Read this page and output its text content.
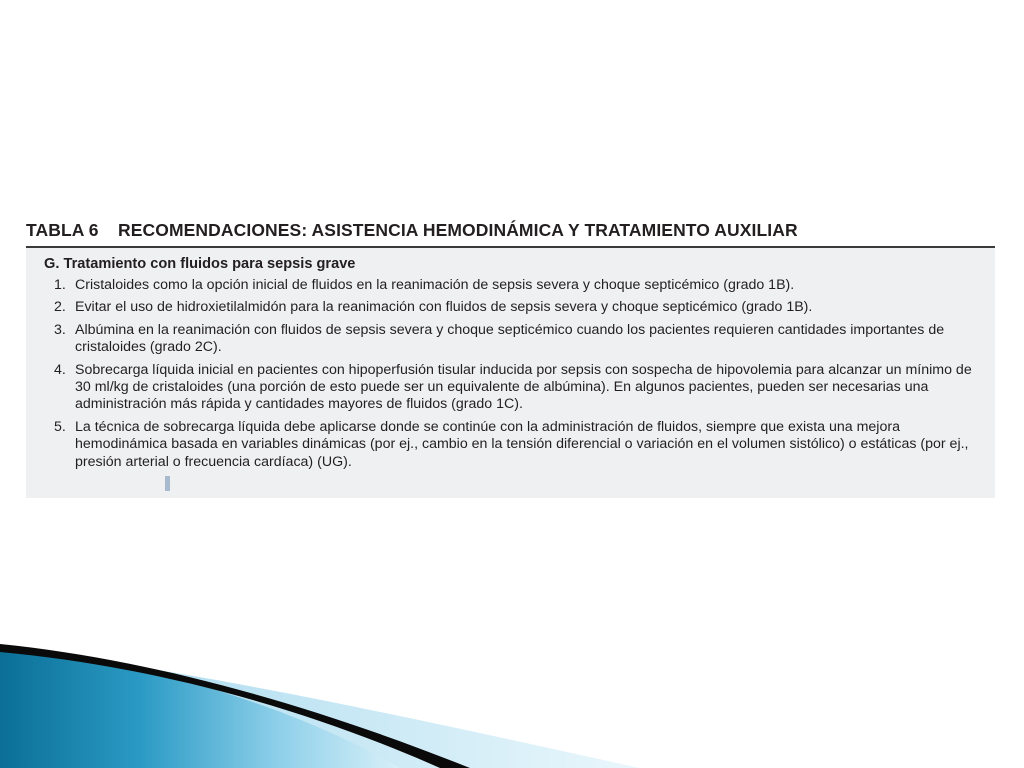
TABLA 6 RECOMENDACIONES: ASISTENCIA HEMODINÁMICA Y TRATAMIENTO AUXILIAR
G. Tratamiento con fluidos para sepsis grave
1. Cristaloides como la opción inicial de fluidos en la reanimación de sepsis severa y choque septicémico (grado 1B).
2. Evitar el uso de hidroxietilalmidón para la reanimación con fluidos de sepsis severa y choque septicémico (grado 1B).
3. Albúmina en la reanimación con fluidos de sepsis severa y choque septicémico cuando los pacientes requieren cantidades importantes de cristaloides (grado 2C).
4. Sobrecarga líquida inicial en pacientes con hipoperfusión tisular inducida por sepsis con sospecha de hipovolemia para alcanzar un mínimo de 30 ml/kg de cristaloides (una porción de esto puede ser un equivalente de albúmina). En algunos pacientes, pueden ser necesarias una administración más rápida y cantidades mayores de fluidos (grado 1C).
5. La técnica de sobrecarga líquida debe aplicarse donde se continúe con la administración de fluidos, siempre que exista una mejora hemodinámica basada en variables dinámicas (por ej., cambio en la tensión diferencial o variación en el volumen sistólico) o estáticas (por ej., presión arterial o frecuencia cardíaca) (UG).
